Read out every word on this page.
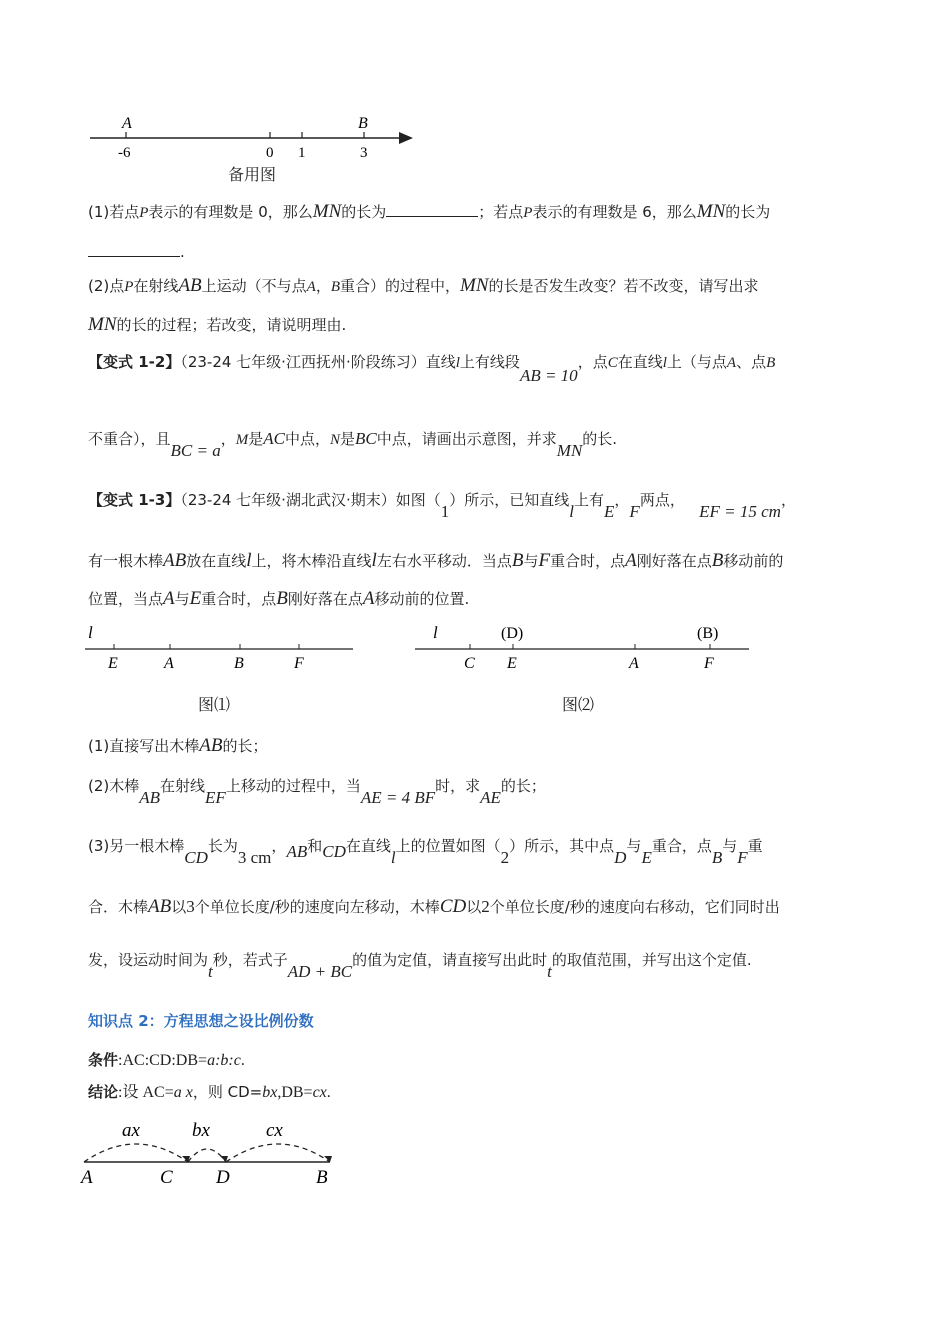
A	B
-6	0 1	3
备用图
(1)若点P表示的有理数是 0，那么MN的长为	；若点P表示的有理数是 6，那么MN的长为
.
(2)点P在射线AB上运动（不与点A，B重合）的过程中，MN的长是否发生改变？若不改变，请写出求
MN的长的过程；若改变，请说明理由.
【变式 1-2】（23-24 七年级·江西抚州·阶段练习）直线l上有线段AB = 10，点C在直线l上（与点A、点B
不重合），且BC = a，M是AC中点，N是BC中点，请画出示意图，并求MN的长.
【变式 1-3】（23-24 七年级·湖北武汉·期末）如图（1）所示，已知直线l上有E，F两点，   EF = 15 cm，
有一根木棒AB放在直线l上，将木棒沿直线l左右水平移动．当点B与F重合时，点A刚好落在点B移动前的
位置，当点A与E重合时，点B刚好落在点A移动前的位置.
l
E	A	B	F
图⑴
l	(D)	(B)
C E	A	F
图⑵
(1)直接写出木棒AB的长；
(2)木棒AB在射线EF上移动的过程中，当AE = 4 BF时，求AE的长；
(3)另一根木棒CD长为3 cm，AB和CD在直线l上的位置如图（2）所示，其中点D与E重合，点B与F重
合．木棒AB以3个单位长度/秒的速度向左移动，木棒CD以2个单位长度/秒的速度向右移动，它们同时出
发，设运动时间为t秒，若式子AD + BC的值为定值，请直接写出此时t的取值范围，并写出这个定值.
知识点 2：方程思想之设比例份数
条件:AC:CD:DB=a:b:c.
结论:设 AC=a x，则 CD=bx,DB=cx.
ax	bx	cx
A	C D	B
